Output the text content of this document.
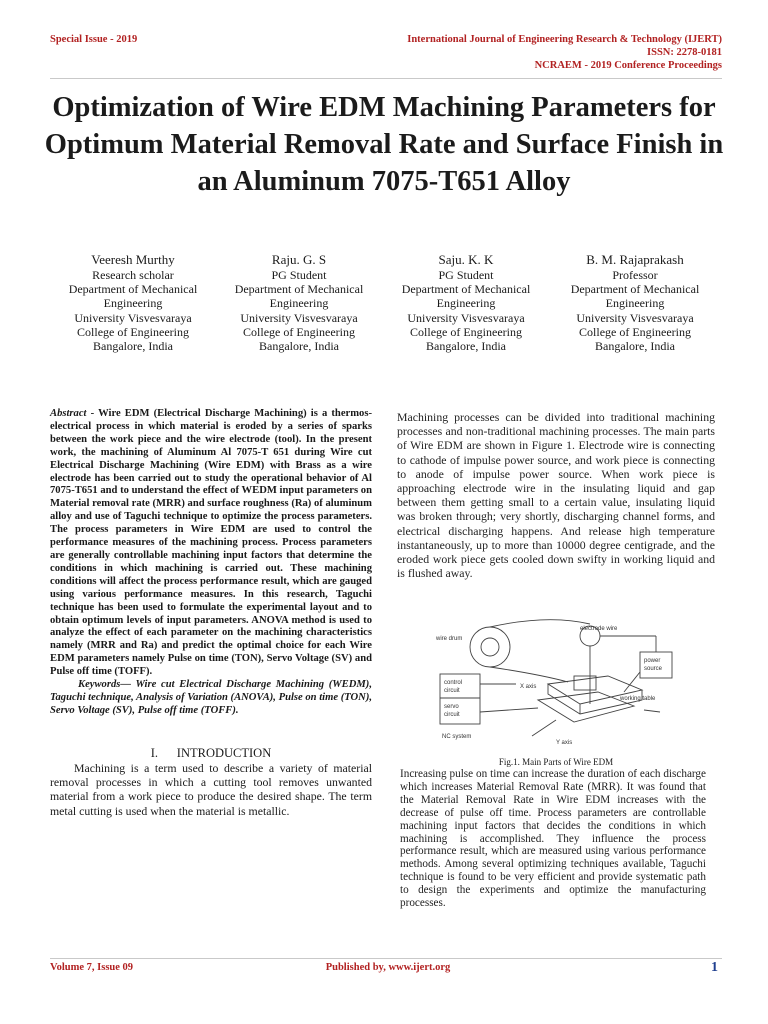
Special Issue - 2019	International Journal of Engineering Research & Technology (IJERT)
ISSN: 2278-0181
NCRAEM - 2019 Conference Proceedings
Optimization of Wire EDM Machining Parameters for Optimum Material Removal Rate and Surface Finish in an Aluminum 7075-T651 Alloy
Veeresh Murthy
Research scholar
Department of Mechanical
Engineering
University Visvesvaraya
College of Engineering
Bangalore, India
Raju. G. S
PG Student
Department of Mechanical
Engineering
University Visvesvaraya
College of Engineering
Bangalore, India
Saju. K. K
PG Student
Department of Mechanical
Engineering
University Visvesvaraya
College of Engineering
Bangalore, India
B. M. Rajaprakash
Professor
Department of Mechanical
Engineering
University Visvesvaraya
College of Engineering
Bangalore, India
Abstract - Wire EDM (Electrical Discharge Machining) is a thermos-electrical process in which material is eroded by a series of sparks between the work piece and the wire electrode (tool). In the present work, the machining of Aluminum Al 7075-T 651 during Wire cut Electrical Discharge Machining (Wire EDM) with Brass as a wire electrode has been carried out to study the operational behavior of Al 7075-T651 and to understand the effect of WEDM input parameters on Material removal rate (MRR) and surface roughness (Ra) of aluminum alloy and use of Taguchi technique to optimize the process parameters. The process parameters in Wire EDM are used to control the performance measures of the machining process. Process parameters are generally controllable machining input factors that determine the conditions in which machining is carried out. These machining conditions will affect the process performance result, which are gauged using various performance measures. In this research, Taguchi technique has been used to formulate the experimental layout and to obtain optimum levels of input parameters. ANOVA method is used to analyze the effect of each parameter on the machining characteristics namely (MRR and Ra) and predict the optimal choice for each Wire EDM parameters namely Pulse on time (TON), Servo Voltage (SV) and Pulse off time (TOFF).
Keywords— Wire cut Electrical Discharge Machining (WEDM), Taguchi technique, Analysis of Variation (ANOVA), Pulse on time (TON), Servo Voltage (SV), Pulse off time (TOFF).
I.      INTRODUCTION
Machining is a term used to describe a variety of material removal processes in which a cutting tool removes unwanted material from a work piece to produce the desired shape. The term metal cutting is used when the material is metallic.
Machining processes can be divided into traditional machining processes and non-traditional machining processes. The main parts of Wire EDM are shown in Figure 1. Electrode wire is connecting to cathode of impulse power source, and work piece is connecting to anode of impulse power source. When work piece is approaching electrode wire in the insulating liquid and gap between them getting small to a certain value, insulating liquid was broken through; very shortly, discharging channel forms, and electrical discharging happens. And release high temperature instantaneously, up to more than 10000 degree centigrade, and the eroded work piece gets cooled down swifty in working liquid and is flushed away.
wire drum
electrode wire
power
source
control
circuit
servo
circuit
X axis
working table
Y axis
NC system
Fig.1. Main Parts of Wire EDM
Increasing pulse on time can increase the duration of each discharge which increases Material Removal Rate (MRR). It was found that the Material Removal Rate in Wire EDM increases with the decrease of pulse off time. Process parameters are controllable machining input factors that decides the conditions in which machining is accomplished. They influence the process performance result, which are measured using various performance methods. Among several optimizing techniques available, Taguchi technique is found to be very efficient and provide systematic path to design the experiments and optimize the manufacturing processes.
Volume 7, Issue 09	Published by, www.ijert.org	1
